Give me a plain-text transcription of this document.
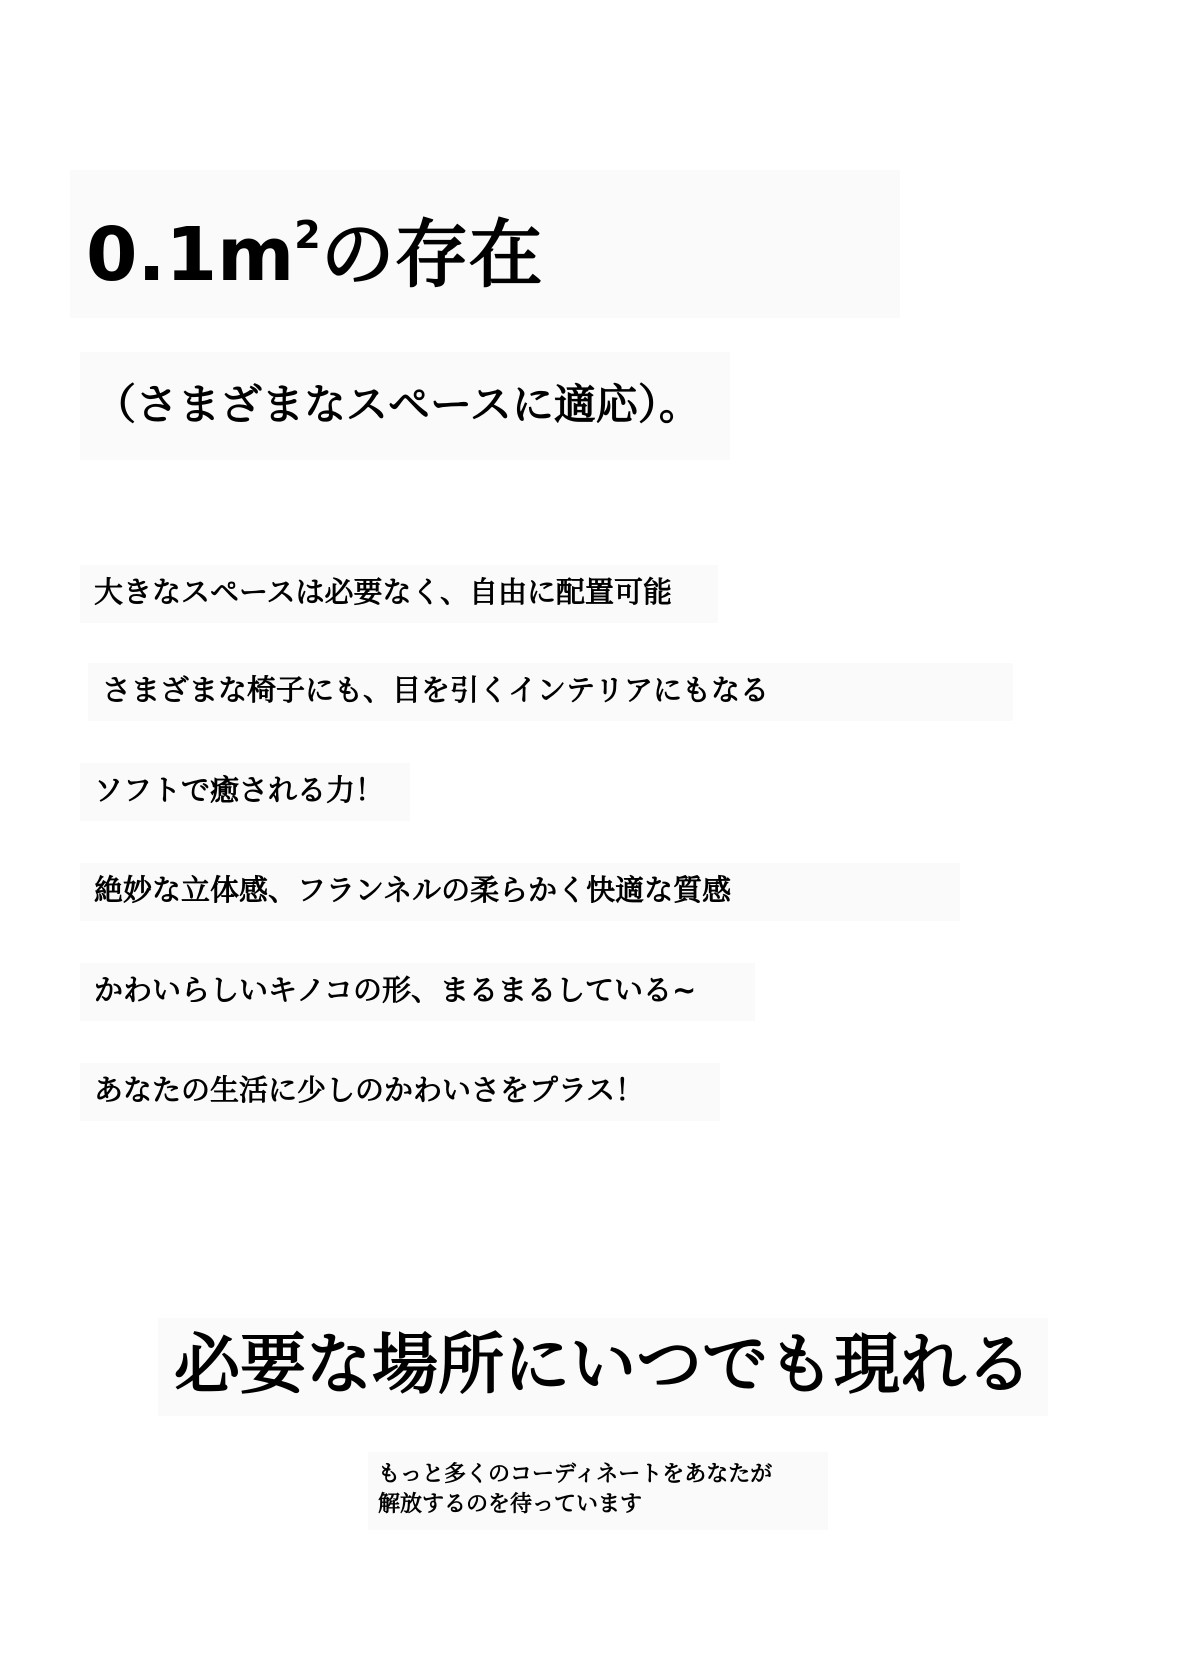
$0.1m^2$の存在
（さまざまなスペースに適応）。
大きなスペースは必要なく、自由に配置可能
さまざまな椅子にも、目を引くインテリアにもなる
ソフトで癒される力！
絶妙な立体感、フランネルの柔らかく快適な質感
かわいらしいキノコの形、まるまるしている~
あなたの生活に少しのかわいさをプラス！
必要な場所にいつでも現れる
もっと多くのコーディネートをあなたが
解放するのを待っています
